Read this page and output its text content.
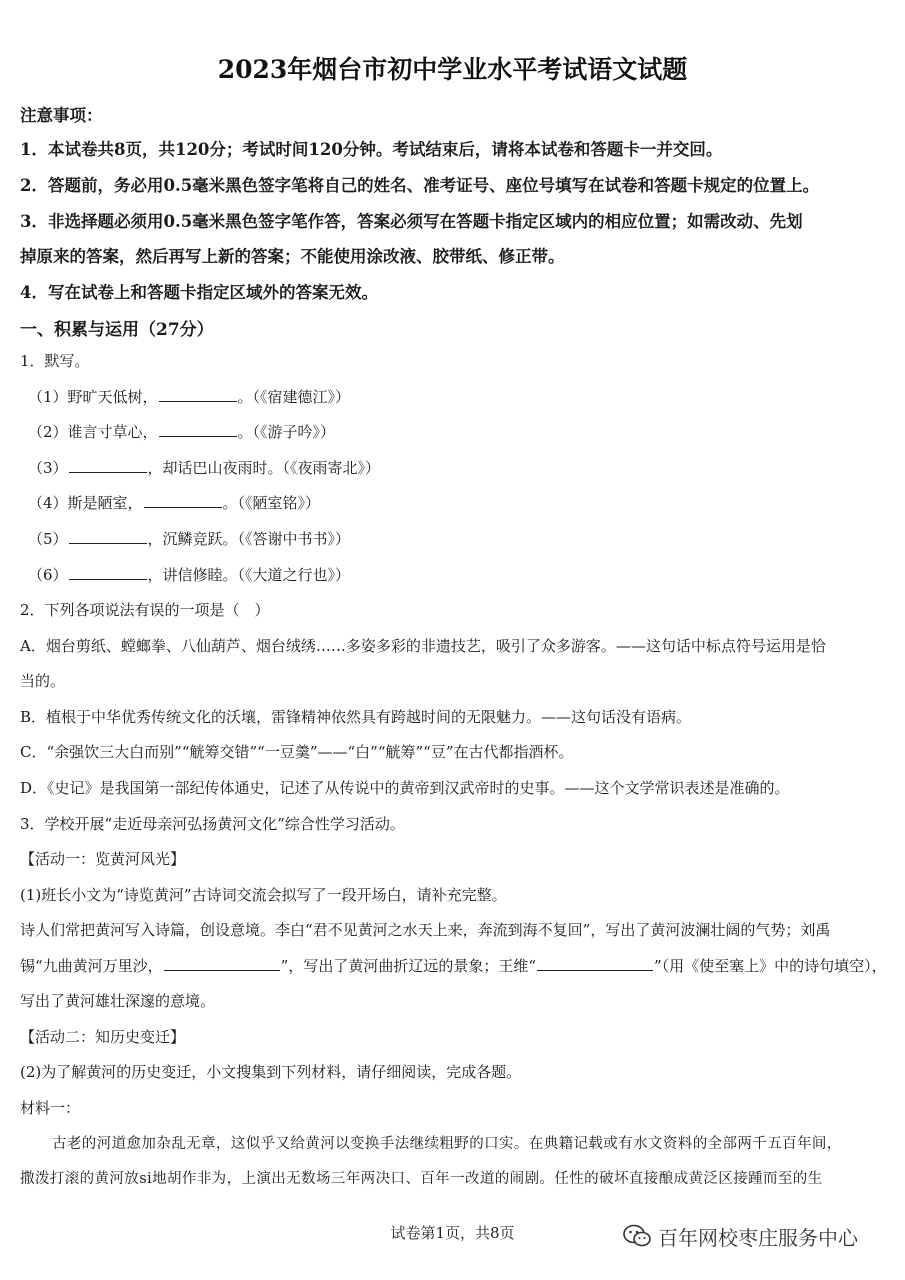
2023年烟台市初中学业水平考试语文试题
注意事项：
1．本试卷共8页，共120分；考试时间120分钟。考试结束后，请将本试卷和答题卡一并交回。
2．答题前，务必用0.5毫米黑色签字笔将自己的姓名、准考证号、座位号填写在试卷和答题卡规定的位置上。
3．非选择题必须用0.5毫米黑色签字笔作答，答案必须写在答题卡指定区域内的相应位置；如需改动、先划
掉原来的答案，然后再写上新的答案；不能使用涂改液、胶带纸、修正带。
4．写在试卷上和答题卡指定区域外的答案无效。
一、积累与运用（27分）
1．默写。
（1）野旷天低树，	。（《宿建德江》）
（2）谁言寸草心，	。（《游子吟》）
（3）	，却话巴山夜雨时。（《夜雨寄北》）
（4）斯是陋室，	。（《陋室铭》）
（5）	，沉鳞竞跃。（《答谢中书书》）
（6）	，讲信修睦。（《大道之行也》）
2．下列各项说法有误的一项是（　）
A．烟台剪纸、螳螂拳、八仙葫芦、烟台绒绣……多姿多彩的非遗技艺，吸引了众多游客。——这句话中标点符号运用是恰
当的。
B．植根于中华优秀传统文化的沃壤，雷锋精神依然具有跨越时间的无限魅力。——这句话没有语病。
C．“余强饮三大白而别”“觥筹交错”“一豆羹”——“白”“觥筹”“豆”在古代都指酒杯。
D．《史记》是我国第一部纪传体通史，记述了从传说中的黄帝到汉武帝时的史事。——这个文学常识表述是准确的。
3．学校开展“走近母亲河弘扬黄河文化”综合性学习活动。
【活动一：览黄河风光】
(1)班长小文为“诗览黄河”古诗词交流会拟写了一段开场白，请补充完整。
诗人们常把黄河写入诗篇，创设意境。李白“君不见黄河之水天上来，奔流到海不复回”，写出了黄河波澜壮阔的气势；刘禹
锡“九曲黄河万里沙，	”，写出了黄河曲折辽远的景象；王维“	”（用《使至塞上》中的诗句填空），
写出了黄河雄壮深邃的意境。
【活动二：知历史变迁】
(2)为了解黄河的历史变迁，小文搜集到下列材料，请仔细阅读，完成各题。
材料一：
古老的河道愈加杂乱无章，这似乎又给黄河以变换手法继续粗野的口实。在典籍记载或有水文资料的全部两千五百年间，
撒泼打滚的黄河放si地胡作非为，上演出无数场三年两决口、百年一改道的闹剧。任性的破坏直接酿成黄泛区接踵而至的生
试卷第1页，共8页	百年网校枣庄服务中心
